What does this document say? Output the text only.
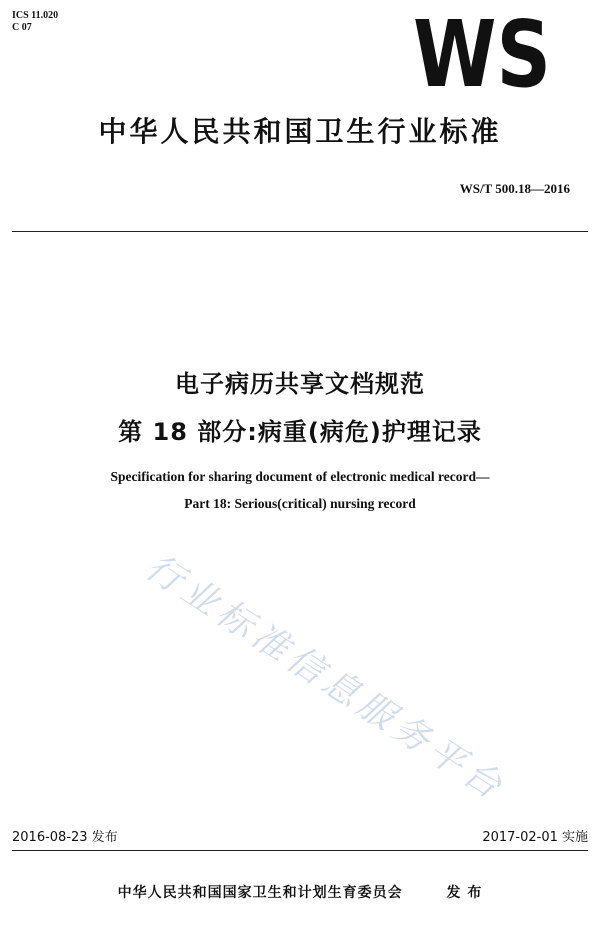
ICS 11.020
C 07	WS
中华人民共和国卫生行业标准
WS/T 500.18—2016
电子病历共享文档规范
第 18 部分:病重(病危)护理记录
Specification for sharing document of electronic medical record—
Part 18: Serious(critical) nursing record
行业标准信息服务平台
2016-08-23 发布	2017-02-01 实施
中华人民共和国国家卫生和计划生育委员会	发 布
